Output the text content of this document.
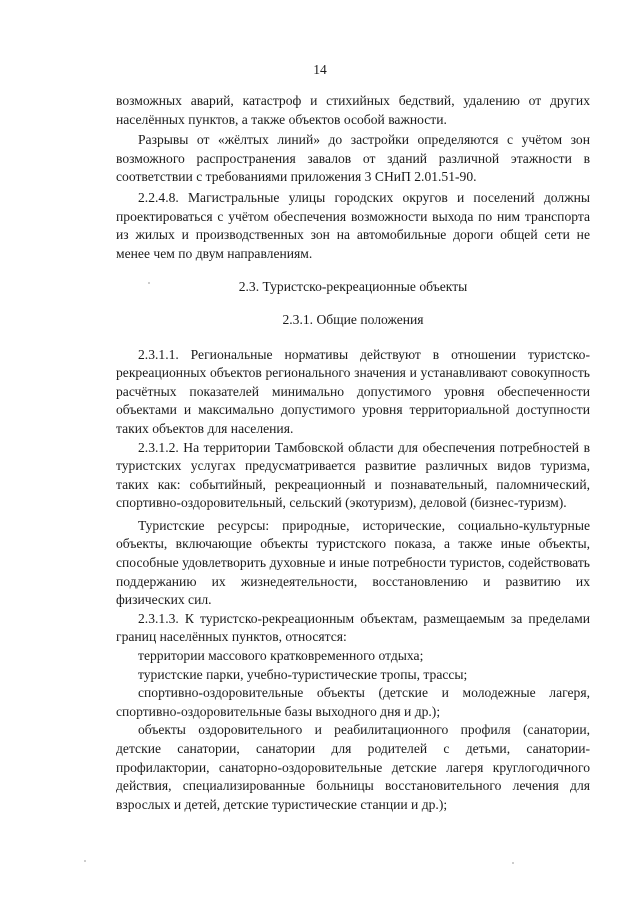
14

возможных аварий, катастроф и стихийных бедствий, удалению от других населённых пунктов, а также объектов особой важности.

Разрывы от «жёлтых линий» до застройки определяются с учётом зон возможного распространения завалов от зданий различной этажности в соответствии с требованиями приложения 3 СНиП 2.01.51-90.

2.2.4.8. Магистральные улицы городских округов и поселений должны проектироваться с учётом обеспечения возможности выхода по ним транспорта из жилых и производственных зон на автомобильные дороги общей сети не менее чем по двум направлениям.

2.3. Туристско-рекреационные объекты

2.3.1. Общие положения

2.3.1.1. Региональные нормативы действуют в отношении туристско-рекреационных объектов регионального значения и устанавливают совокупность расчётных показателей минимально допустимого уровня обеспеченности объектами и максимально допустимого уровня территориальной доступности таких объектов для населения.

2.3.1.2. На территории Тамбовской области для обеспечения потребностей в туристских услугах предусматривается развитие различных видов туризма, таких как: событийный, рекреационный и познавательный, паломнический, спортивно-оздоровительный, сельский (экотуризм), деловой (бизнес-туризм).

Туристские ресурсы: природные, исторические, социально-культурные объекты, включающие объекты туристского показа, а также иные объекты, способные удовлетворить духовные и иные потребности туристов, содействовать поддержанию их жизнедеятельности, восстановлению и развитию их физических сил.

2.3.1.3. К туристско-рекреационным объектам, размещаемым за пределами границ населённых пунктов, относятся:

территории массового кратковременного отдыха;

туристские парки, учебно-туристические тропы, трассы;

спортивно-оздоровительные объекты (детские и молодежные лагеря, спортивно-оздоровительные базы выходного дня и др.);

объекты оздоровительного и реабилитационного профиля (санатории, детские санатории, санатории для родителей с детьми, санатории-профилактории, санаторно-оздоровительные детские лагеря круглогодичного действия, специализированные больницы восстановительного лечения для взрослых и детей, детские туристические станции и др.);
